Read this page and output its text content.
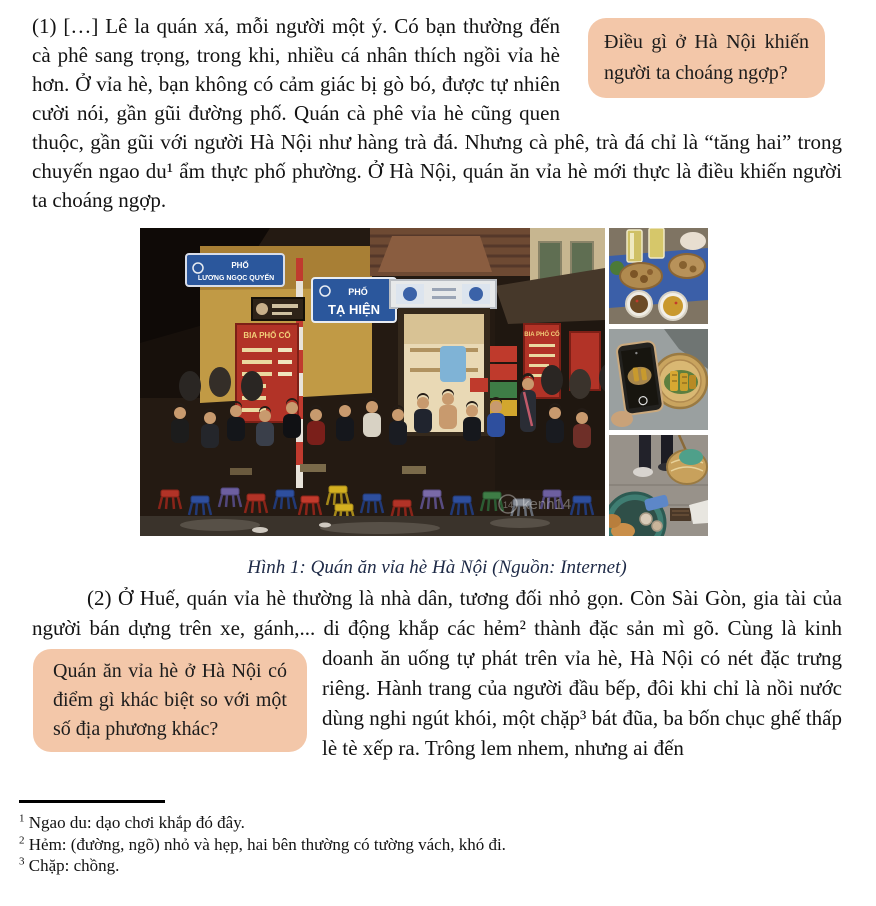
Điều gì ở Hà Nội khiến người ta choáng ngợp?
(1) […] Lê la quán xá, mỗi người một ý. Có bạn thường đến cà phê sang trọng, trong khi, nhiều cá nhân thích ngồi vỉa hè hơn. Ở vỉa hè, bạn không có cảm giác bị gò bó, được tự nhiên cười nói, gần gũi đường phố. Quán cà phê vỉa hè cũng quen thuộc, gần gũi với người Hà Nội như hàng trà đá. Nhưng cà phê, trà đá chỉ là “tăng hai” trong chuyến ngao du¹ ẩm thực phố phường. Ở Hà Nội, quán ăn vỉa hè mới thực là điều khiến người ta choáng ngợp.

PHỐ
LƯƠNG NGỌC QUYẾN
PHỐ
TẠ HIỆN
BIA PHỐ CỔ	BIA PHỐ CỔ
14 kenh14
Hình 1: Quán ăn vỉa hè Hà Nội (Nguồn: Internet)

(2) Ở Huế, quán vỉa hè thường là nhà dân, tương đối nhỏ gọn. Còn Sài Gòn, gia tài của người bán dựng trên xe, gánh,... di động khắp các hẻm² thành đặc sản mì gõ. Cùng là
Quán ăn vỉa hè ở Hà Nội có điểm gì khác biệt so với một số địa phương khác?
kinh doanh ăn uống tự phát trên vỉa hè, Hà Nội có nét đặc trưng riêng. Hành trang của người đầu bếp, đôi khi chỉ là nồi nước dùng nghi ngút khói, một chặp³ bát đũa, ba bốn chục ghế thấp lè tè xếp ra. Trông lem nhem, nhưng ai đến

$^1$ Ngao du: dạo chơi khắp đó đây.
$^2$ Hẻm: (đường, ngõ) nhỏ và hẹp, hai bên thường có tường vách, khó đi.
$^3$ Chặp: chồng.
